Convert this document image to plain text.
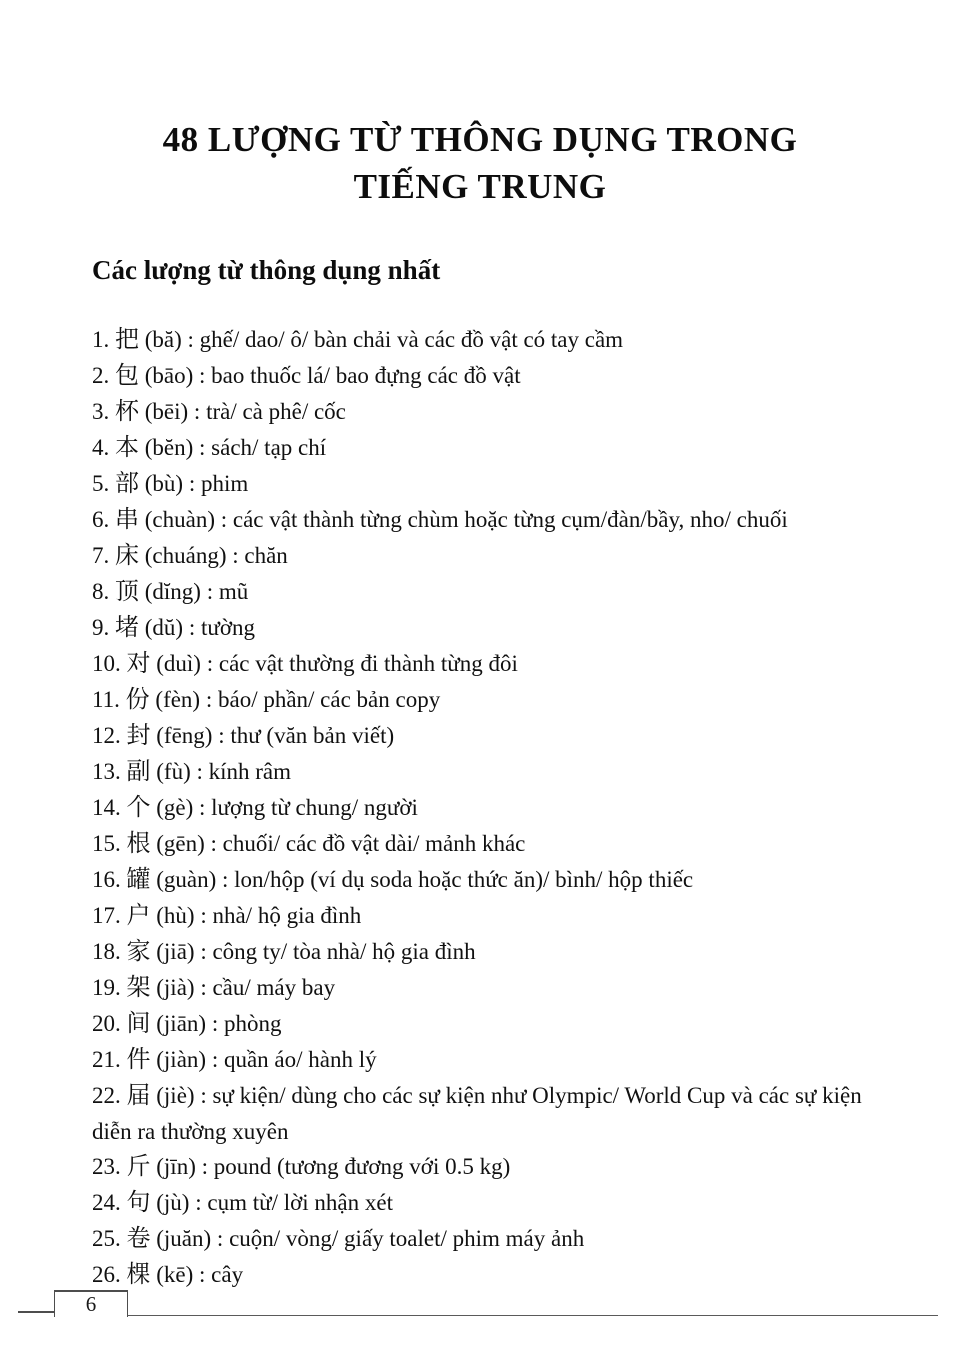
48 LƯỢNG TỪ THÔNG DỤNG TRONG
TIẾNG TRUNG
Các lượng từ thông dụng nhất

1. 把 (bă) : ghế/ dao/ ô/ bàn chải và các đồ vật có tay cầm

2. 包 (bāo) : bao thuốc lá/ bao đựng các đồ vật

3. 杯 (bēi) : trà/ cà phê/ cốc

4. 本 (bĕn) : sách/ tạp chí

5. 部 (bù) : phim

6. 串 (chuàn) : các vật thành từng chùm hoặc từng cụm/đàn/bầy, nho/ chuối

7. 床 (chuáng) : chăn

8. 顶 (dĭng) : mũ

9. 堵 (dŭ) : tường

10. 对 (duì) : các vật thường đi thành từng đôi

11. 份 (fèn) : báo/ phần/ các bản copy

12. 封 (fēng) : thư (văn bản viết)

13. 副 (fù) : kính râm

14. 个 (gè) : lượng từ chung/ người

15. 根 (gēn) : chuối/ các đồ vật dài/ mảnh khác

16. 罐 (guàn) : lon/hộp (ví dụ soda hoặc thức ăn)/ bình/ hộp thiếc

17. 户 (hù) : nhà/ hộ gia đình

18. 家 (jiā) : công ty/ tòa nhà/ hộ gia đình

19. 架 (jià) : cầu/ máy bay

20. 间 (jiān) : phòng

21. 件 (jiàn) : quần áo/ hành lý

22. 届 (jiè) : sự kiện/ dùng cho các sự kiện như Olympic/ World Cup và các sự kiện diễn ra thường xuyên

23. 斤 (jīn) : pound (tương đương với 0.5 kg)

24. 句 (jù) : cụm từ/ lời nhận xét

25. 卷 (juăn) : cuộn/ vòng/ giấy toalet/ phim máy ảnh

26. 棵 (kē) : cây

6
